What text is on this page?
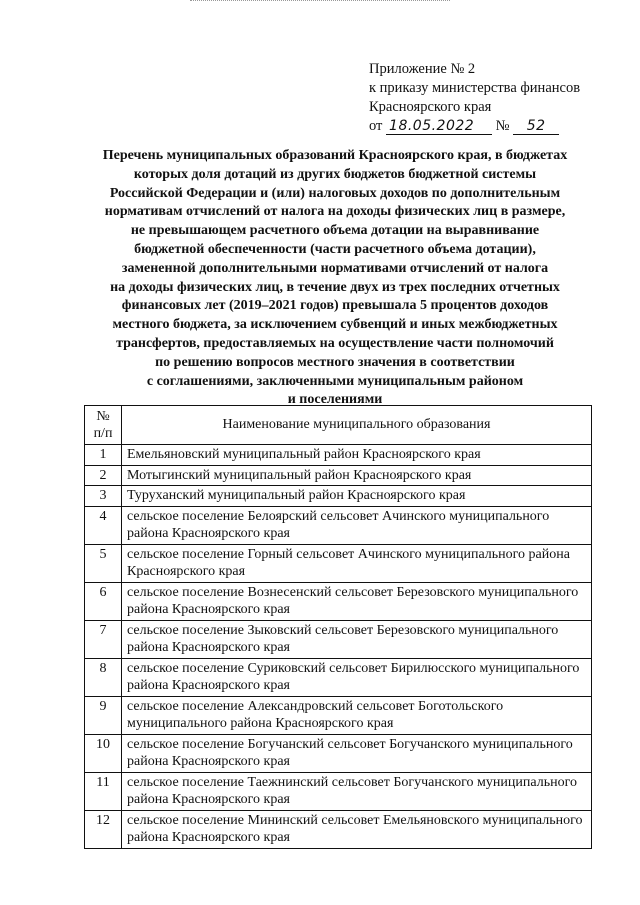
Приложение № 2
к приказу министерства финансов
Красноярского края
от 18.05.2022 № 52
Перечень муниципальных образований Красноярского края, в бюджетах
которых доля дотаций из других бюджетов бюджетной системы
Российской Федерации и (или) налоговых доходов по дополнительным
нормативам отчислений от налога на доходы физических лиц в размере,
не превышающем расчетного объема дотации на выравнивание
бюджетной обеспеченности (части расчетного объема дотации),
замененной дополнительными нормативами отчислений от налога
на доходы физических лиц, в течение двух из трех последних отчетных
финансовых лет (2019–2021 годов) превышала 5 процентов доходов
местного бюджета, за исключением субвенций и иных межбюджетных
трансфертов, предоставляемых на осуществление части полномочий
по решению вопросов местного значения в соответствии
с соглашениями, заключенными муниципальным районом
и поселениями
№
п/п	Наименование муниципального образования
1	Емельяновский муниципальный район Красноярского края
2	Мотыгинский муниципальный район Красноярского края
3	Туруханский муниципальный район Красноярского края
4	сельское поселение Белоярский сельсовет Ачинского муниципального района Красноярского края
5	сельское поселение Горный сельсовет Ачинского муниципального района Красноярского края
6	сельское поселение Вознесенский сельсовет Березовского муниципального района Красноярского края
7	сельское поселение Зыковский сельсовет Березовского муниципального района Красноярского края
8	сельское поселение Суриковский сельсовет Бирилюсского муниципального района Красноярского края
9	сельское поселение Александровский сельсовет Боготольского муниципального района Красноярского края
10	сельское поселение Богучанский сельсовет Богучанского муниципального района Красноярского края
11	сельское поселение Таежнинский сельсовет Богучанского муниципального района Красноярского края
12	сельское поселение Мининский сельсовет Емельяновского муниципального района Красноярского края
